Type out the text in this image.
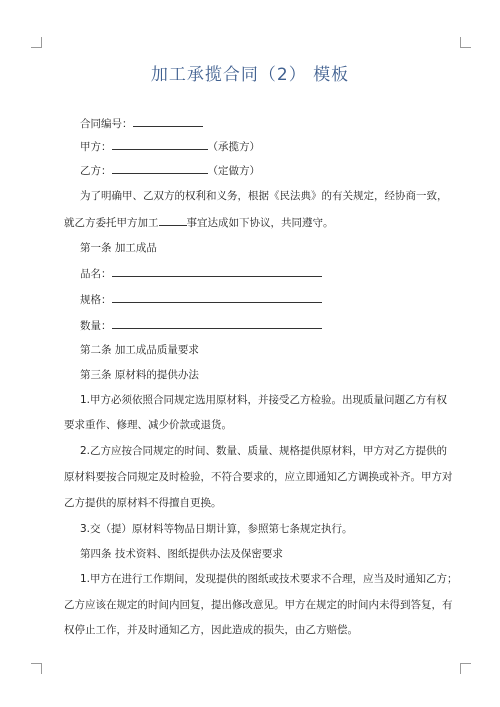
加工承揽合同（2） 模板
合同编号：
甲方：	（承揽方）
乙方：	（定做方）
为了明确甲、乙双方的权利和义务，根据《民法典》的有关规定，经协商一致，
就乙方委托甲方加工	事宜达成如下协议，共同遵守。
第一条 加工成品
品名：
规格：
数量：
第二条 加工成品质量要求
第三条 原材料的提供办法
1.甲方必须依照合同规定选用原材料，并接受乙方检验。出现质量问题乙方有权
要求重作、修理、减少价款或退货。
2.乙方应按合同规定的时间、数量、质量、规格提供原材料，甲方对乙方提供的
原材料要按合同规定及时检验，不符合要求的，应立即通知乙方调换或补齐。甲方对
乙方提供的原材料不得擅自更换。
3.交（提）原材料等物品日期计算，参照第七条规定执行。
第四条 技术资料、图纸提供办法及保密要求
1.甲方在进行工作期间，发现提供的图纸或技术要求不合理，应当及时通知乙方；
乙方应该在规定的时间内回复，提出修改意见。甲方在规定的时间内未得到答复，有
权停止工作，并及时通知乙方，因此造成的损失，由乙方赔偿。
